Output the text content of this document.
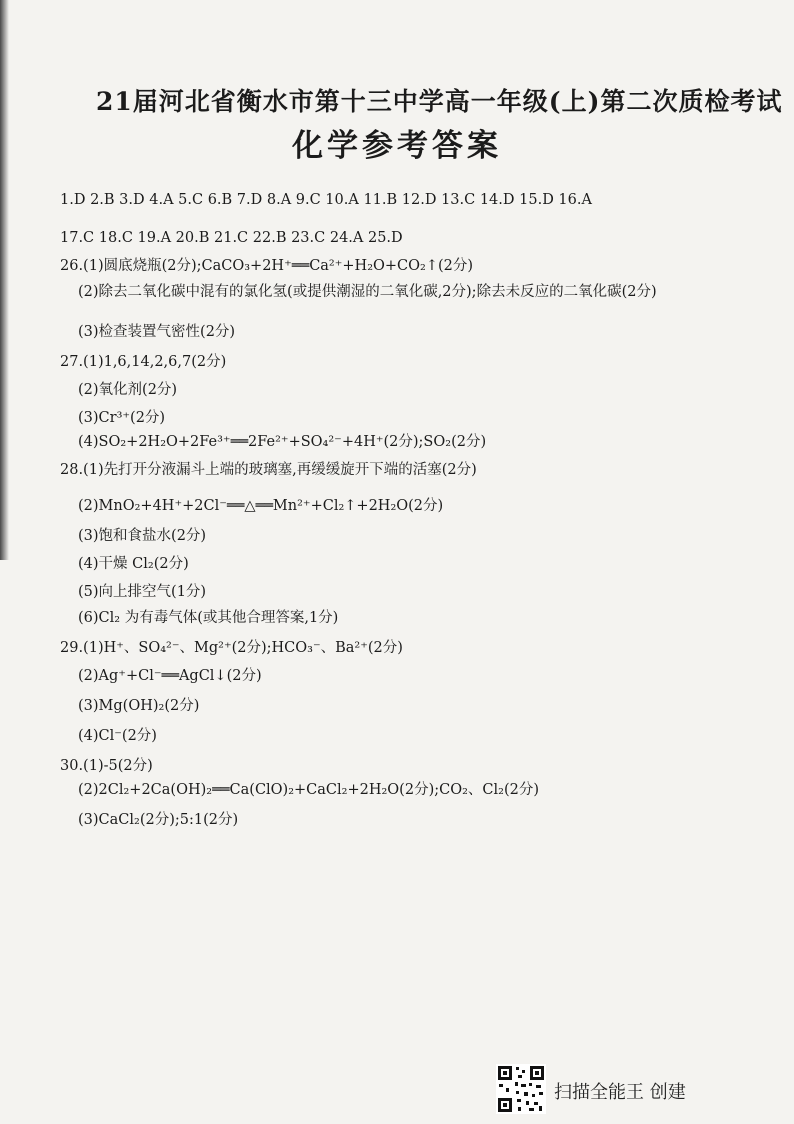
21届河北省衡水市第十三中学高一年级(上)第二次质检考试
化学参考答案
1.D 2.B 3.D 4.A 5.C 6.B 7.D 8.A 9.C 10.A 11.B 12.D 13.C 14.D 15.D 16.A
17.C 18.C 19.A 20.B 21.C 22.B 23.C 24.A 25.D
26.(1)圆底烧瓶(2分);CaCO₃+2H⁺══Ca²⁺+H₂O+CO₂↑(2分)
(2)除去二氧化碳中混有的氯化氢(或提供潮湿的二氧化碳,2分);除去未反应的二氧化碳(2分)
(3)检查装置气密性(2分)
27.(1)1,6,14,2,6,7(2分)
(2)氧化剂(2分)
(3)Cr³⁺(2分)
(4)SO₂+2H₂O+2Fe³⁺══2Fe²⁺+SO₄²⁻+4H⁺(2分);SO₂(2分)
28.(1)先打开分液漏斗上端的玻璃塞,再缓缓旋开下端的活塞(2分)
(2)MnO₂+4H⁺+2Cl⁻══△══Mn²⁺+Cl₂↑+2H₂O(2分)
(3)饱和食盐水(2分)
(4)干燥 Cl₂(2分)
(5)向上排空气(1分)
(6)Cl₂ 为有毒气体(或其他合理答案,1分)
29.(1)H⁺、SO₄²⁻、Mg²⁺(2分);HCO₃⁻、Ba²⁺(2分)
(2)Ag⁺+Cl⁻══AgCl↓(2分)
(3)Mg(OH)₂(2分)
(4)Cl⁻(2分)
30.(1)-5(2分)
(2)2Cl₂+2Ca(OH)₂══Ca(ClO)₂+CaCl₂+2H₂O(2分);CO₂、Cl₂(2分)
(3)CaCl₂(2分);5:1(2分)
扫描全能王 创建
